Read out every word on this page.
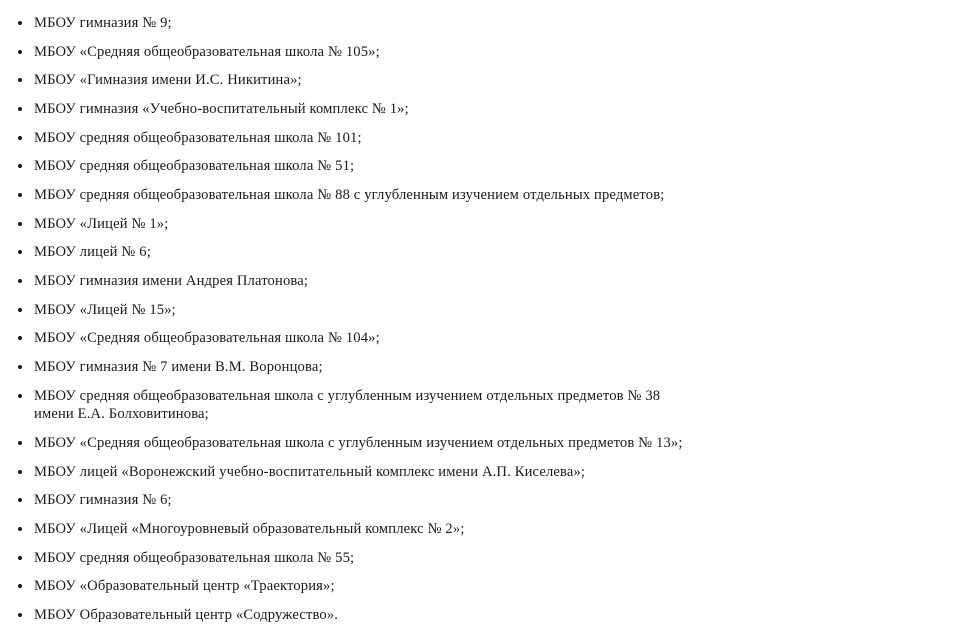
МБОУ гимназия № 9;
МБОУ «Средняя общеобразовательная школа № 105»;
МБОУ «Гимназия имени И.С. Никитина»;
МБОУ гимназия «Учебно-воспитательный комплекс № 1»;
МБОУ средняя общеобразовательная школа № 101;
МБОУ средняя общеобразовательная школа № 51;
МБОУ средняя общеобразовательная школа № 88 с углубленным изучением отдельных предметов;
МБОУ «Лицей № 1»;
МБОУ лицей № 6;
МБОУ гимназия имени Андрея Платонова;
МБОУ «Лицей № 15»;
МБОУ «Средняя общеобразовательная школа № 104»;
МБОУ гимназия № 7 имени В.М. Воронцова;
МБОУ средняя общеобразовательная школа с углубленным изучением отдельных предметов № 38
имени Е.А. Болховитинова;
МБОУ «Средняя общеобразовательная школа с углубленным изучением отдельных предметов № 13»;
МБОУ лицей «Воронежский учебно-воспитательный комплекс имени А.П. Киселева»;
МБОУ гимназия № 6;
МБОУ «Лицей «Многоуровневый образовательный комплекс № 2»;
МБОУ средняя общеобразовательная школа № 55;
МБОУ «Образовательный центр «Траектория»;
МБОУ Образовательный центр «Содружество».
